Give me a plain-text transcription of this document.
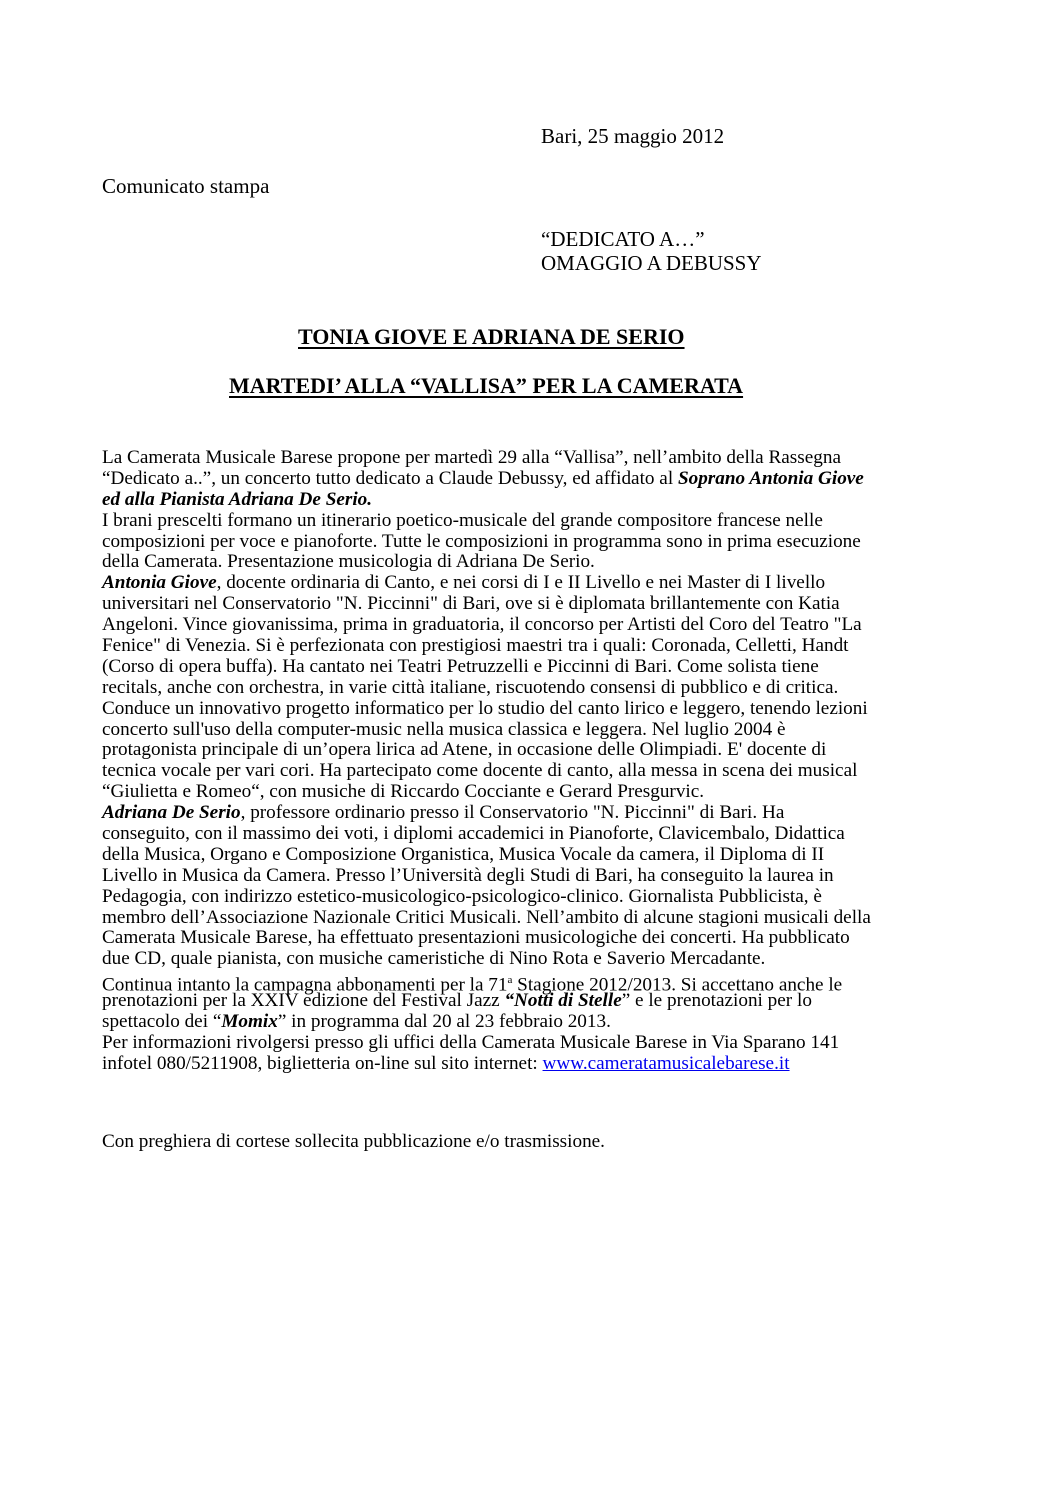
Bari, 25 maggio 2012
Comunicato stampa
“DEDICATO A…”
OMAGGIO A DEBUSSY
TONIA GIOVE E ADRIANA DE SERIO
MARTEDI’ ALLA “VALLISA” PER LA CAMERATA
La Camerata Musicale Barese propone per martedì 29 alla “Vallisa”, nell’ambito della Rassegna
“Dedicato a..”, un concerto tutto dedicato a Claude Debussy, ed affidato al Soprano Antonia Giove
ed alla Pianista Adriana De Serio.
I brani prescelti formano un itinerario poetico-musicale del grande compositore francese nelle
composizioni per voce e pianoforte. Tutte le composizioni in programma sono in prima esecuzione
della Camerata. Presentazione musicologia di Adriana De Serio.
Antonia Giove, docente ordinaria di Canto, e nei corsi di I e II Livello e nei Master di I livello
universitari nel Conservatorio "N. Piccinni" di Bari, ove si è diplomata brillantemente con Katia
Angeloni. Vince giovanissima, prima in graduatoria, il concorso per Artisti del Coro del Teatro "La
Fenice" di Venezia. Si è perfezionata con prestigiosi maestri tra i quali: Coronada, Celletti, Handt
(Corso di opera buffa). Ha cantato nei Teatri Petruzzelli e Piccinni di Bari. Come solista tiene
recitals, anche con orchestra, in varie città italiane, riscuotendo consensi di pubblico e di critica.
Conduce un innovativo progetto informatico per lo studio del canto lirico e leggero, tenendo lezioni
concerto sull'uso della computer-music nella musica classica e leggera. Nel luglio 2004 è
protagonista principale di un’opera lirica ad Atene, in occasione delle Olimpiadi. E' docente di
tecnica vocale per vari cori. Ha partecipato come docente di canto, alla messa in scena dei musical
“Giulietta e Romeo“, con musiche di Riccardo Cocciante e Gerard Presgurvic.
Adriana De Serio, professore ordinario presso il Conservatorio "N. Piccinni" di Bari. Ha
conseguito, con il massimo dei voti, i diplomi accademici in Pianoforte, Clavicembalo, Didattica
della Musica, Organo e Composizione Organistica, Musica Vocale da camera, il Diploma di II
Livello in Musica da Camera. Presso l’Università degli Studi di Bari, ha conseguito la laurea in
Pedagogia, con indirizzo estetico-musicologico-psicologico-clinico. Giornalista Pubblicista, è
membro dell’Associazione Nazionale Critici Musicali. Nell’ambito di alcune stagioni musicali della
Camerata Musicale Barese, ha effettuato presentazioni musicologiche dei concerti. Ha pubblicato
due CD, quale pianista, con musiche cameristiche di Nino Rota e Saverio Mercadante.
Continua intanto la campagna abbonamenti per la 71$^a$ Stagione 2012/2013. Si accettano anche le
prenotazioni per la XXIV edizione del Festival Jazz “Notti di Stelle” e le prenotazioni per lo
spettacolo dei “Momix” in programma dal 20 al 23 febbraio 2013.
Per informazioni rivolgersi presso gli uffici della Camerata Musicale Barese in Via Sparano 141
infotel 080/5211908, biglietteria on-line sul sito internet: www.cameratamusicalebarese.it
Con preghiera di cortese sollecita pubblicazione e/o trasmissione.
